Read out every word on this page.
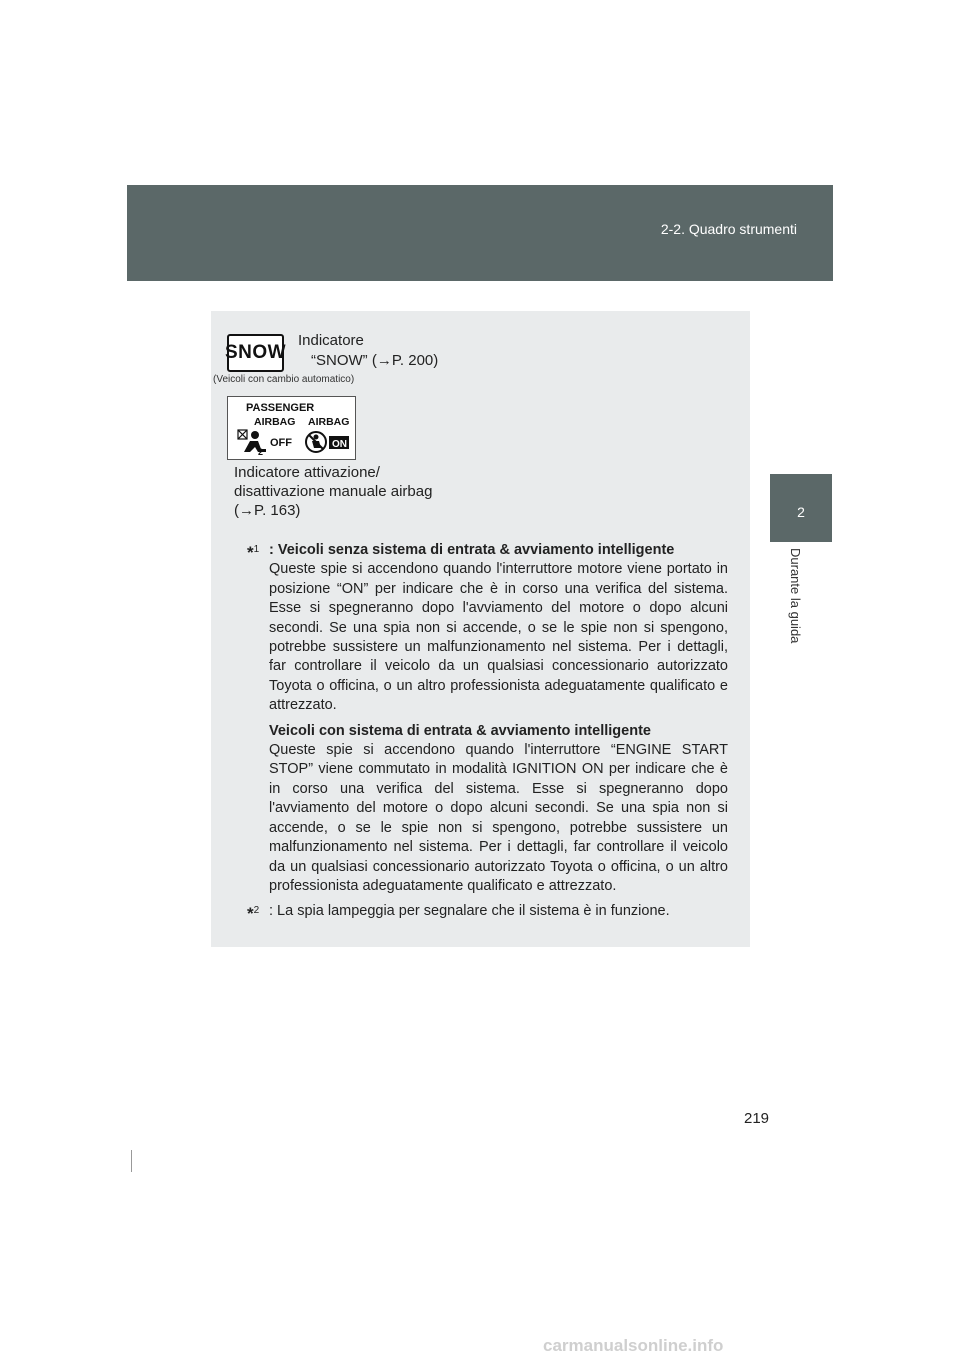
2-2. Quadro strumenti
2
Durante la guida
SNOW
Indicatore
“SNOW” (→P. 200)
(Veicoli con cambio automatico)
PASSENGER
AIRBAG AIRBAG
2
OFF	ON
Indicatore attivazione/
disattivazione manuale airbag
(→P. 163)
*$^1$ : Veicoli senza sistema di entrata & avviamento intelligente

Queste spie si accendono quando l'interruttore motore viene portato in posizione “ON” per indicare che è in corso una verifica del sistema. Esse si spegneranno dopo l'avviamento del motore o dopo alcuni secondi. Se una spia non si accende, o se le spie non si spengono, potrebbe sussistere un malfunzionamento nel sistema. Per i dettagli, far controllare il veicolo da un qualsiasi concessionario autorizzato Toyota o officina, o un altro professionista adeguatamente qualificato e attrezzato.

Veicoli con sistema di entrata & avviamento intelligente

Queste spie si accendono quando l'interruttore “ENGINE START STOP” viene commutato in modalità IGNITION ON per indicare che è in corso una verifica del sistema. Esse si spegneranno dopo l'avviamento del motore o dopo alcuni secondi. Se una spia non si accende, o se le spie non si spengono, potrebbe sussistere un malfunzionamento nel sistema. Per i dettagli, far controllare il veicolo da un qualsiasi concessionario autorizzato Toyota o officina, o un altro professionista adeguatamente qualificato e attrezzato.

*$^2$ : La spia lampeggia per segnalare che il sistema è in funzione.

219
carmanualsonline.info
